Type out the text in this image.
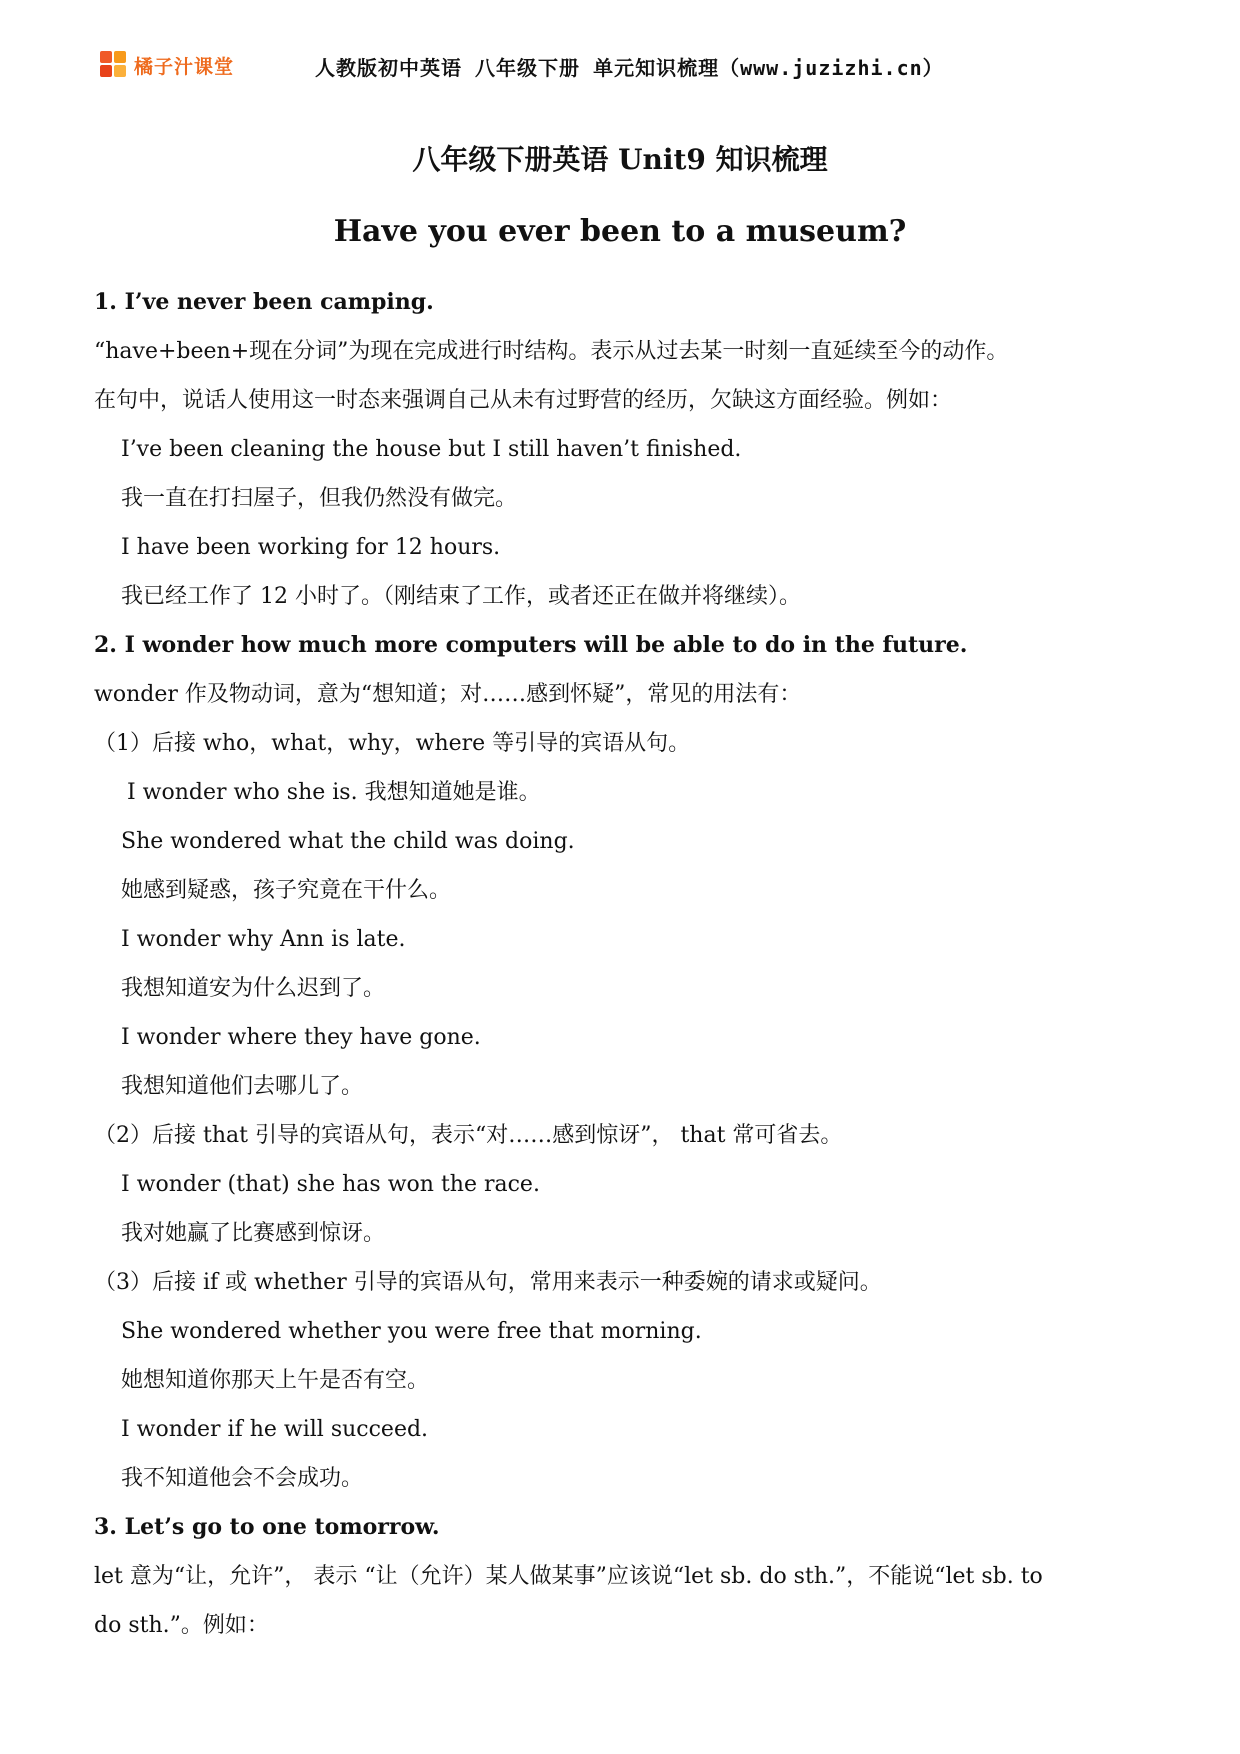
橘子汁课堂	人教版初中英语 八年级下册 单元知识梳理（www.juzizhi.cn）
八年级下册英语 Unit9 知识梳理
Have you ever been to a museum?
1. I’ve never been camping.
“have+been+现在分词”为现在完成进行时结构。表示从过去某一时刻一直延续至今的动作。
在句中，说话人使用这一时态来强调自己从未有过野营的经历，欠缺这方面经验。例如：
I’ve been cleaning the house but I still haven’t finished.
我一直在打扫屋子，但我仍然没有做完。
I have been working for 12 hours.
我已经工作了 12 小时了。（刚结束了工作，或者还正在做并将继续）。
2. I wonder how much more computers will be able to do in the future.
wonder 作及物动词，意为“想知道；对……感到怀疑”，常见的用法有：
（1）后接 who，what，why，where 等引导的宾语从句。
I wonder who she is. 我想知道她是谁。
She wondered what the child was doing.
她感到疑惑，孩子究竟在干什么。
I wonder why Ann is late.
我想知道安为什么迟到了。
I wonder where they have gone.
我想知道他们去哪儿了。
（2）后接 that 引导的宾语从句，表示“对……感到惊讶”， that 常可省去。
I wonder (that) she has won the race.
我对她赢了比赛感到惊讶。
（3）后接 if 或 whether 引导的宾语从句，常用来表示一种委婉的请求或疑问。
She wondered whether you were free that morning.
她想知道你那天上午是否有空。
I wonder if he will succeed.
我不知道他会不会成功。
3. Let’s go to one tomorrow.
let 意为“让，允许”， 表示 “让（允许）某人做某事”应该说“let sb. do sth.”，不能说“let sb. to
do sth.”。例如：
